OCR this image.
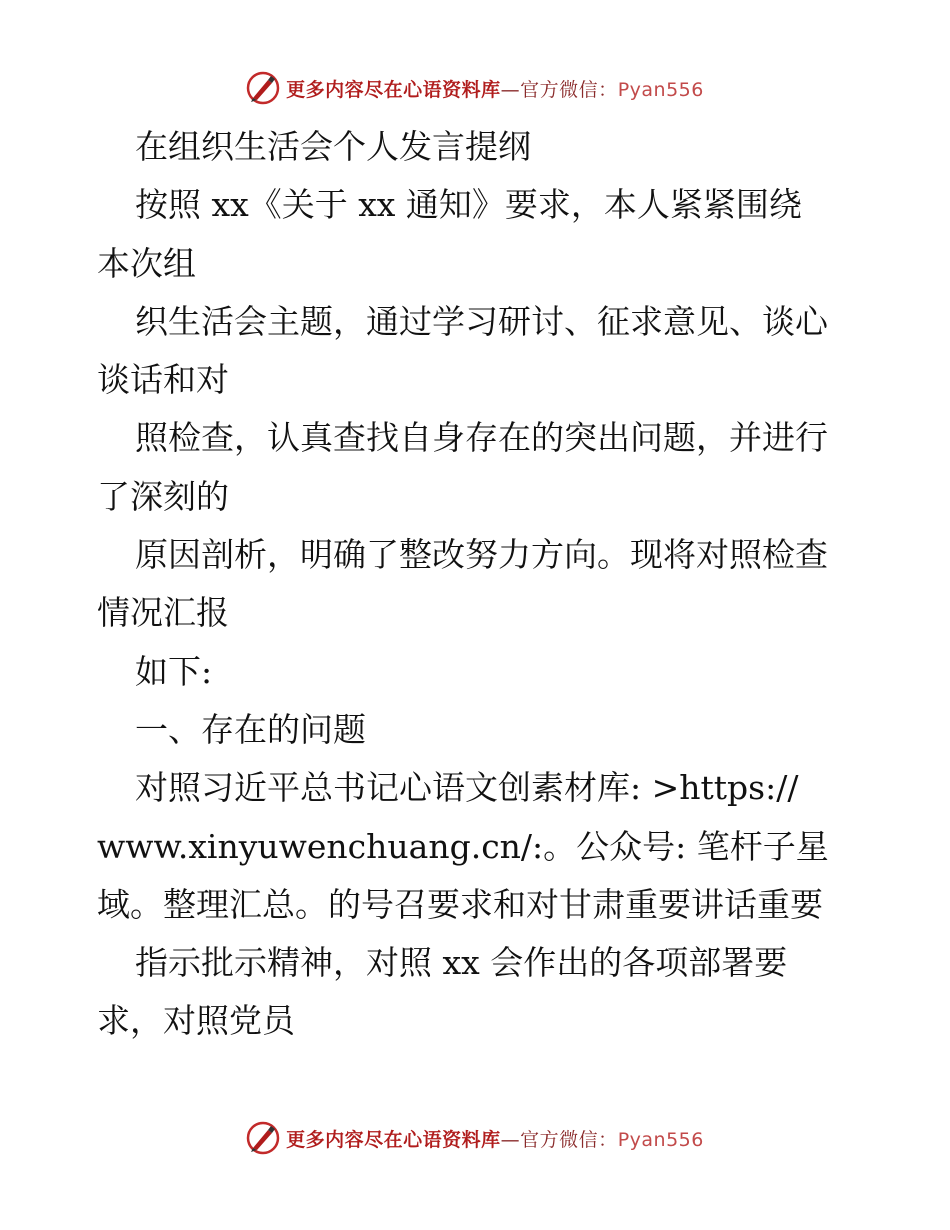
更多内容尽在心语资料库—官方微信：Pyan556
在组织生活会个人发言提纲
按照 xx《关于 xx 通知》要求，本人紧紧围绕
本次组
织生活会主题，通过学习研讨、征求意见、谈心
谈话和对
照检查，认真查找自身存在的突出问题，并进行
了深刻的
原因剖析，明确了整改努力方向。现将对照检查
情况汇报
如下:
一、存在的问题
对照习近平总书记心语文创素材库: >https://
www.xinyuwenchuang.cn/:。公众号: 笔杆子星
域。整理汇总。的号召要求和对甘肃重要讲话重要
指示批示精神，对照 xx 会作出的各项部署要
求，对照党员
更多内容尽在心语资料库—官方微信：Pyan556
